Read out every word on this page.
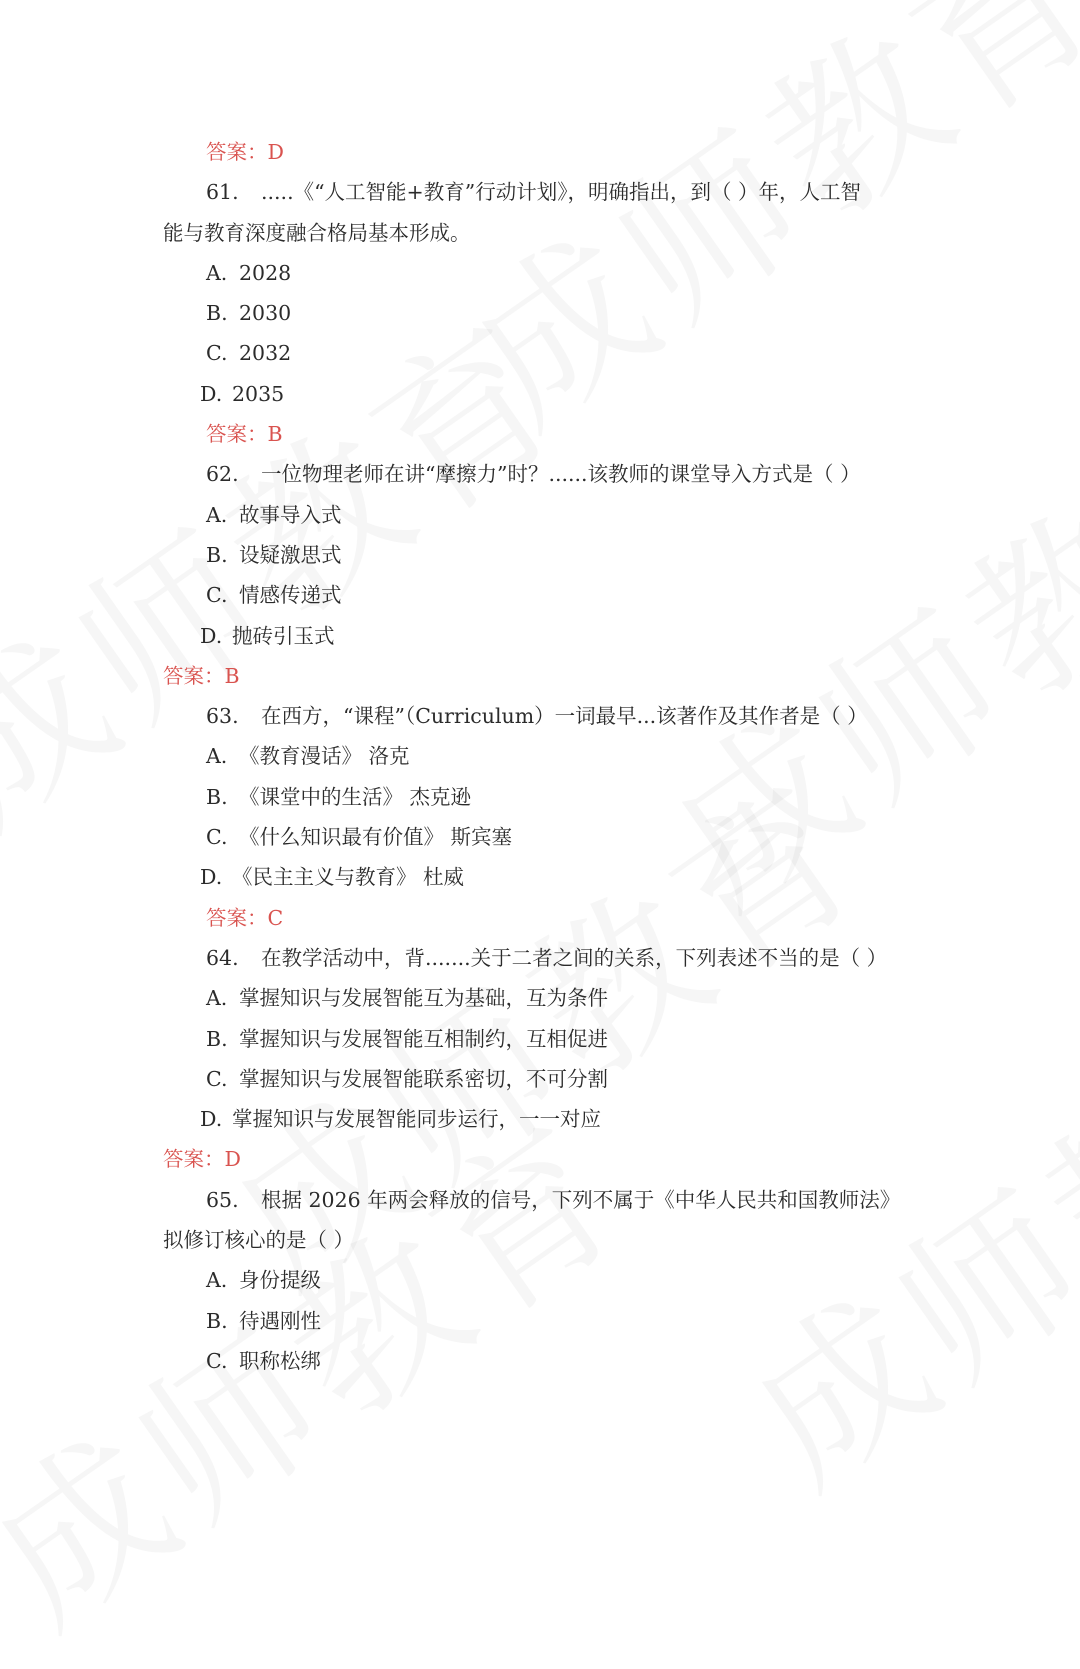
答案：D
61. .....《“人工智能+教育”行动计划》，明确指出，到（ ）年，人工智
能与教育深度融合格局基本形成。
A. 2028
B. 2030
C. 2032
D. 2035
答案：B
62. 一位物理老师在讲“摩擦力”时？......该教师的课堂导入方式是（ ）
A. 故事导入式
B. 设疑激思式
C. 情感传递式
D. 抛砖引玉式
答案：B
63. 在西方，“课程”（Curriculum）一词最早...该著作及其作者是（ ）
A. 《教育漫话》 洛克
B. 《课堂中的生活》 杰克逊
C. 《什么知识最有价值》 斯宾塞
D. 《民主主义与教育》 杜威
答案：C
64. 在教学活动中，背.......关于二者之间的关系，下列表述不当的是（ ）
A. 掌握知识与发展智能互为基础，互为条件
B. 掌握知识与发展智能互相制约，互相促进
C. 掌握知识与发展智能联系密切，不可分割
D. 掌握知识与发展智能同步运行，一一对应
答案：D
65. 根据 2026 年两会释放的信号，下列不属于《中华人民共和国教师法》
拟修订核心的是（ ）
A. 身份提级
B. 待遇刚性
C. 职称松绑
